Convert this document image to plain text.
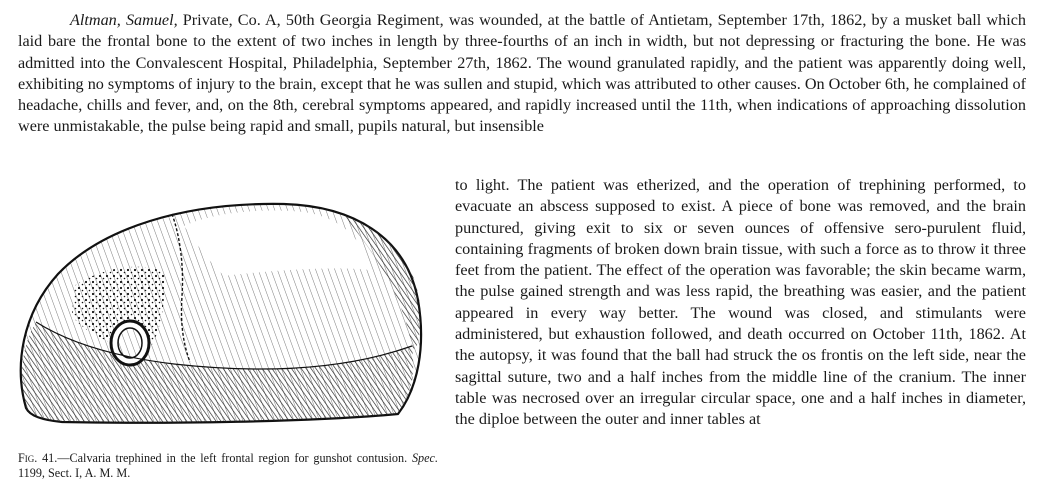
Altman, Samuel, Private, Co. A, 50th Georgia Regiment, was wounded, at the battle of Antietam, September 17th, 1862, by a musket ball which laid bare the frontal bone to the extent of two inches in length by three-fourths of an inch in width, but not depressing or fracturing the bone. He was admitted into the Convalescent Hospital, Philadelphia, September 27th, 1862. The wound granulated rapidly, and the patient was apparently doing well, exhibiting no symptoms of injury to the brain, except that he was sullen and stupid, which was attributed to other causes. On October 6th, he complained of headache, chills and fever, and, on the 8th, cerebral symptoms appeared, and rapidly increased until the 11th, when indications of approaching dissolution were unmistakable, the pulse being rapid and small, pupils natural, but insensible

Fig. 41.—Calvaria trephined in the left frontal region for gunshot contusion. Spec. 1199, Sect. I, A. M. M.

to light. The patient was etherized, and the operation of trephining performed, to evacuate an abscess supposed to exist. A piece of bone was removed, and the brain punctured, giving exit to six or seven ounces of offensive sero-purulent fluid, containing fragments of broken down brain tissue, with such a force as to throw it three feet from the patient. The effect of the operation was favorable; the skin became warm, the pulse gained strength and was less rapid, the breathing was easier, and the patient appeared in every way better. The wound was closed, and stimulants were administered, but exhaustion followed, and death occurred on October 11th, 1862. At the autopsy, it was found that the ball had struck the os frontis on the left side, near the sagittal suture, two and a half inches from the middle line of the cranium. The inner table was necrosed over an irregular circular space, one and a half inches in diameter, the diploe between the outer and inner tables at
